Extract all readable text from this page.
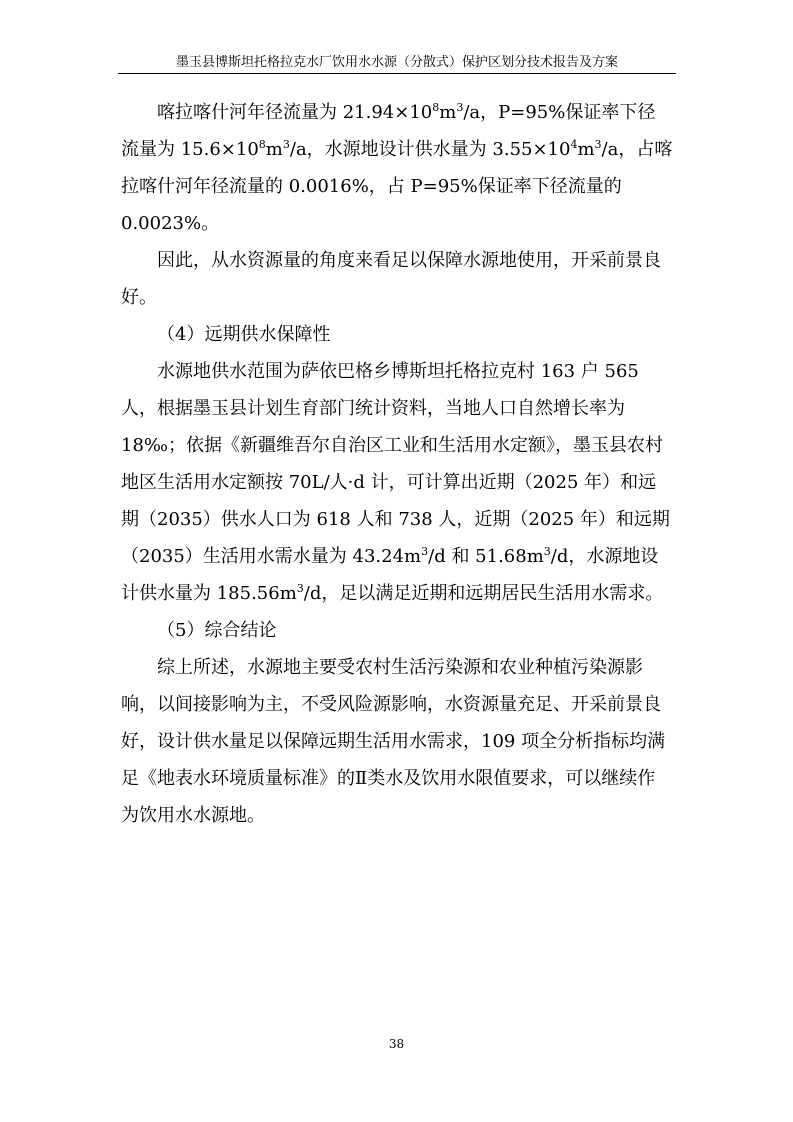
墨玉县博斯坦托格拉克水厂饮用水水源（分散式）保护区划分技术报告及方案

喀拉喀什河年径流量为 $21.94\times 10^8m^3/a$，P=95%保证率下径流量为 $15.6\times 10^8m^3/a$，水源地设计供水量为 $3.55\times 10^4m^3/a$，占喀拉喀什河年径流量的 0.0016%，占 P=95%保证率下径流量的 0.0023%。

因此，从水资源量的角度来看足以保障水源地使用，开采前景良好。

（4）远期供水保障性

水源地供水范围为萨依巴格乡博斯坦托格拉克村 163 户 565 人，根据墨玉县计划生育部门统计资料，当地人口自然增长率为 18‰；依据《新疆维吾尔自治区工业和生活用水定额》，墨玉县农村地区生活用水定额按 70L/人·d 计，可计算出近期（2025 年）和远期（2035）供水人口为 618 人和 738 人，近期（2025 年）和远期（2035）生活用水需水量为 $43.24m^3/d$ 和 $51.68m^3/d$，水源地设计供水量为 $185.56m^3/d$，足以满足近期和远期居民生活用水需求。

（5）综合结论

综上所述，水源地主要受农村生活污染源和农业种植污染源影响，以间接影响为主，不受风险源影响，水资源量充足、开采前景良好，设计供水量足以保障远期生活用水需求，109 项全分析指标均满足《地表水环境质量标准》的Ⅱ类水及饮用水限值要求，可以继续作为饮用水水源地。

38
